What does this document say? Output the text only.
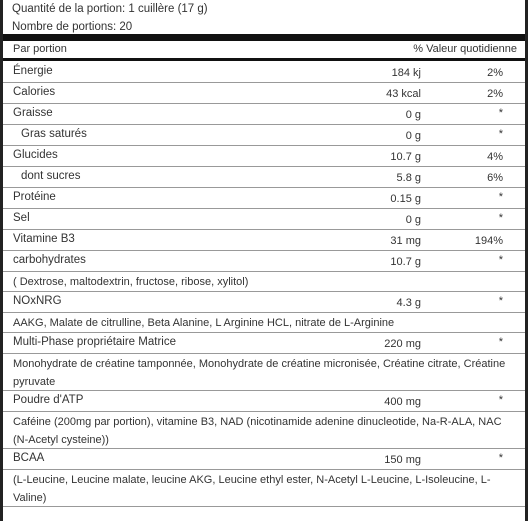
Quantité de la portion: 1 cuillère (17 g)
Nombre de portions: 20
Par portion	% Valeur quotidienne
Énergie	184 kj	2%
Calories	43 kcal	2%
Graisse	0 g	*
Gras saturés	0 g	*
Glucides	10.7 g	4%
dont sucres	5.8 g	6%
Protéine	0.15 g	*
Sel	0 g	*
Vitamine B3	31 mg	194%
carbohydrates	10.7 g	*
( Dextrose, maltodextrin, fructose, ribose, xylitol)
NOxNRG	4.3 g	*
AAKG, Malate de citrulline, Beta Alanine, L Arginine HCL, nitrate de L-Arginine
Multi-Phase propriétaire Matrice	220 mg	*
Monohydrate de créatine tamponnée, Monohydrate de créatine micronisée, Créatine citrate, Créatine pyruvate
Poudre d'ATP	400 mg	*
Caféine (200mg par portion), vitamine B3, NAD (nicotinamide adenine dinucleotide, Na-R-ALA, NAC (N-Acetyl cysteine))
BCAA	150 mg	*
(L-Leucine, Leucine malate, leucine AKG, Leucine ethyl ester, N-Acetyl L-Leucine, L-Isoleucine, L-Valine)
